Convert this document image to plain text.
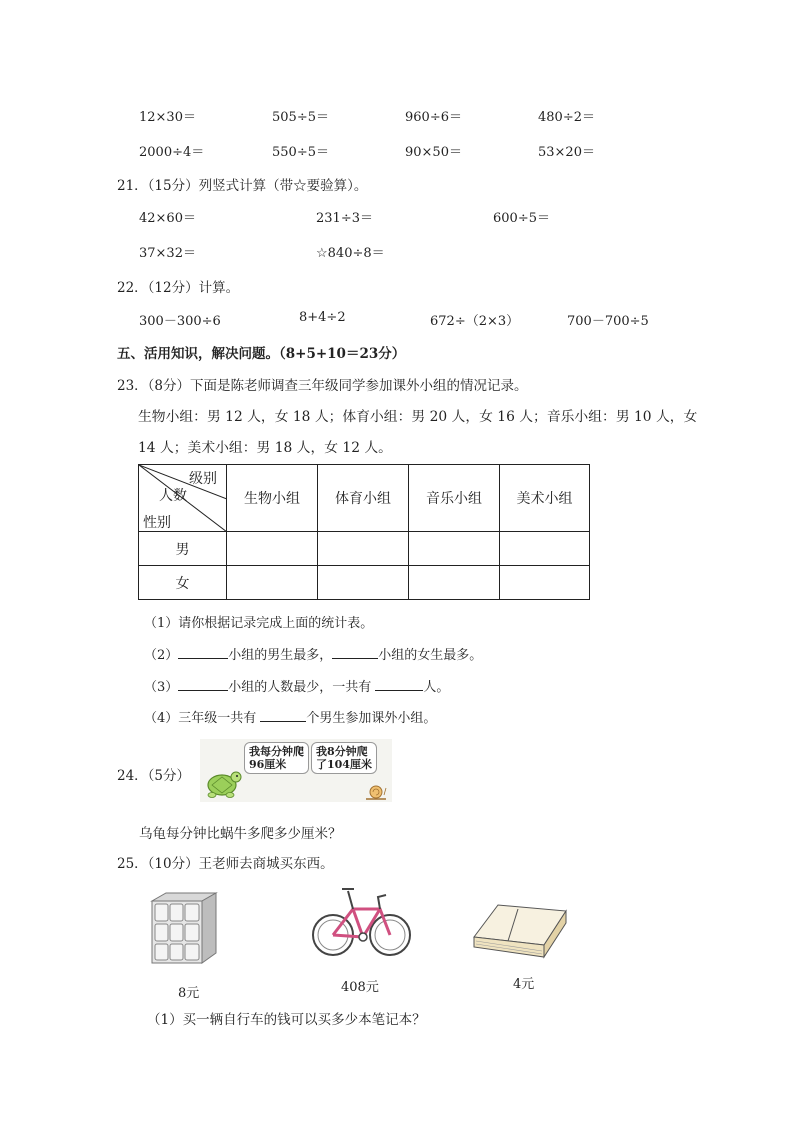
12×30＝	505÷5＝	960÷6＝	480÷2＝
2000÷4＝	550÷5＝	90×50＝	53×20＝
21．（15分）列竖式计算（带☆要验算）。
42×60＝	231÷3＝	600÷5＝
37×32＝	☆840÷8＝
22．（12分）计算。
300－300÷6	8+4÷2	672÷（2×3）	700－700÷5
五、活用知识，解决问题。（8+5+10＝23分）
23．（8分）下面是陈老师调查三年级同学参加课外小组的情况记录。
生物小组：男 12 人，女 18 人；体育小组：男 20 人，女 16 人；音乐小组：男 10 人，女
14 人；美术小组：男 18 人，女 12 人。
级别
人数
性别	生物小组	体育小组	音乐小组	美术小组
男				
女				
（1）请你根据记录完成上面的统计表。
（2）	小组的男生最多，	小组的女生最多。
（3）	小组的人数最少，一共有	人。
（4）三年级一共有	个男生参加课外小组。
24．（5分）
我每分钟爬
96厘米
我8分钟爬
了104厘米
乌龟每分钟比蜗牛多爬多少厘米？
25．（10分）王老师去商城买东西。
8元	408元	4元
（1）买一辆自行车的钱可以买多少本笔记本？
